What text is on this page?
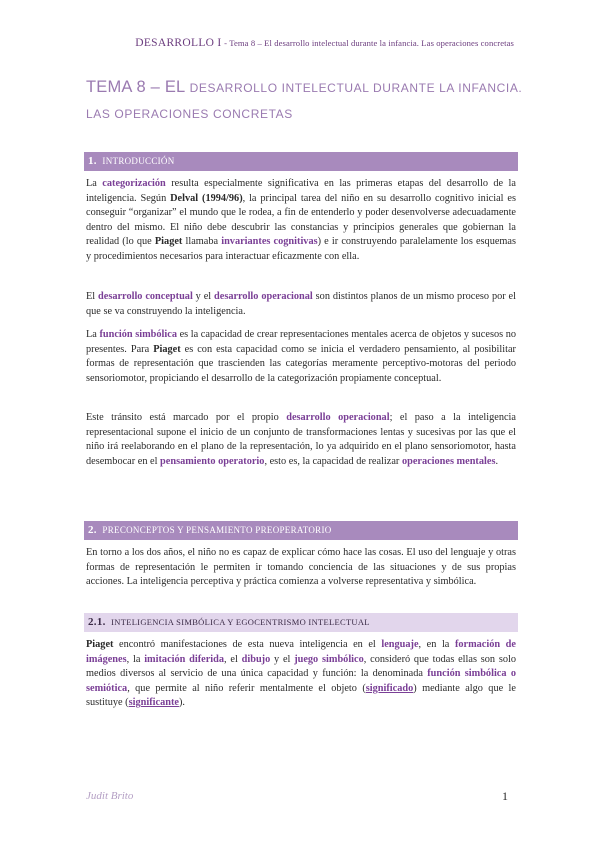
DESARROLLO I - Tema 8 – El desarrollo intelectual durante la infancia. Las operaciones concretas
TEMA 8 – EL DESARROLLO INTELECTUAL DURANTE LA INFANCIA. LAS OPERACIONES CONCRETAS
1. INTRODUCCIÓN
La categorización resulta especialmente significativa en las primeras etapas del desarrollo de la inteligencia. Según Delval (1994/96), la principal tarea del niño en su desarrollo cognitivo inicial es conseguir “organizar” el mundo que le rodea, a fin de entenderlo y poder desenvolverse adecuadamente dentro del mismo. El niño debe descubrir las constancias y principios generales que gobiernan la realidad (lo que Piaget llamaba invariantes cognitivas) e ir construyendo paralelamente los esquemas y procedimientos necesarios para interactuar eficazmente con ella.
El desarrollo conceptual y el desarrollo operacional son distintos planos de un mismo proceso por el que se va construyendo la inteligencia.
La función simbólica es la capacidad de crear representaciones mentales acerca de objetos y sucesos no presentes. Para Piaget es con esta capacidad como se inicia el verdadero pensamiento, al posibilitar formas de representación que trascienden las categorías meramente perceptivo-motoras del periodo sensoriomotor, propiciando el desarrollo de la categorización propiamente conceptual.
Este tránsito está marcado por el propio desarrollo operacional; el paso a la inteligencia representacional supone el inicio de un conjunto de transformaciones lentas y sucesivas por las que el niño irá reelaborando en el plano de la representación, lo ya adquirido en el plano sensoriomotor, hasta desembocar en el pensamiento operatorio, esto es, la capacidad de realizar operaciones mentales.
2. PRECONCEPTOS Y PENSAMIENTO PREOPERATORIO
En torno a los dos años, el niño no es capaz de explicar cómo hace las cosas. El uso del lenguaje y otras formas de representación le permiten ir tomando conciencia de las situaciones y de sus propias acciones. La inteligencia perceptiva y práctica comienza a volverse representativa y simbólica.
2.1. INTELIGENCIA SIMBÓLICA Y EGOCENTRISMO INTELECTUAL
Piaget encontró manifestaciones de esta nueva inteligencia en el lenguaje, en la formación de imágenes, la imitación diferida, el dibujo y el juego simbólico, consideró que todas ellas son solo medios diversos al servicio de una única capacidad y función: la denominada función simbólica o semiótica, que permite al niño referir mentalmente el objeto (significado) mediante algo que le sustituye (significante).
Judit Brito	1
